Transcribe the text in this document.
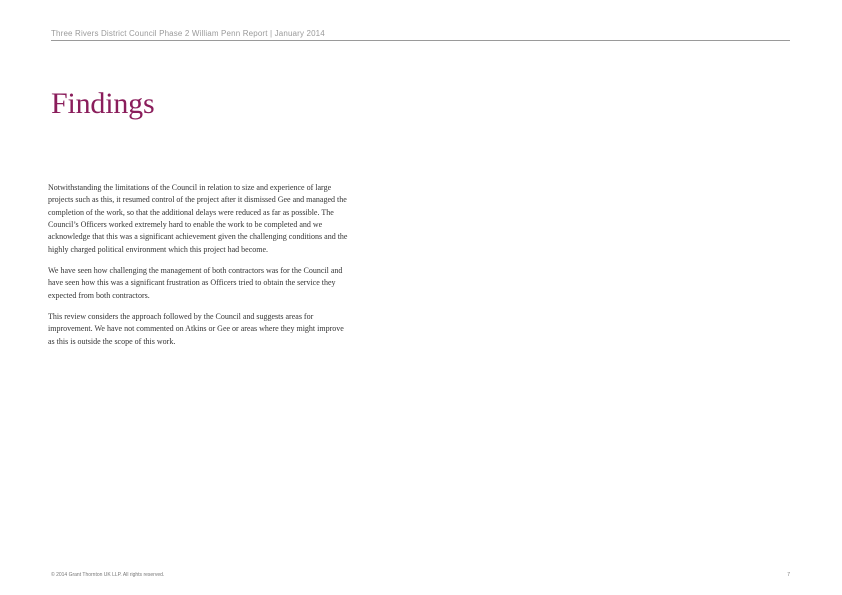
Three Rivers District Council Phase 2 William Penn Report | January 2014
Findings

Notwithstanding the limitations of the Council in relation to size and experience of large
projects such as this, it resumed control of the project after it dismissed Gee and managed the
completion of the work, so that the additional delays were reduced as far as possible. The
Council’s Officers worked extremely hard to enable the work to be completed and we
acknowledge that this was a significant achievement given the challenging conditions and the
highly charged political environment which this project had become.

We have seen how challenging the management of both contractors was for the Council and
have seen how this was a significant frustration as Officers tried to obtain the service they
expected from both contractors.

This review considers the approach followed by the Council and suggests areas for
improvement. We have not commented on Atkins or Gee or areas where they might improve
as this is outside the scope of this work.

© 2014 Grant Thornton UK LLP. All rights reserved.	7
